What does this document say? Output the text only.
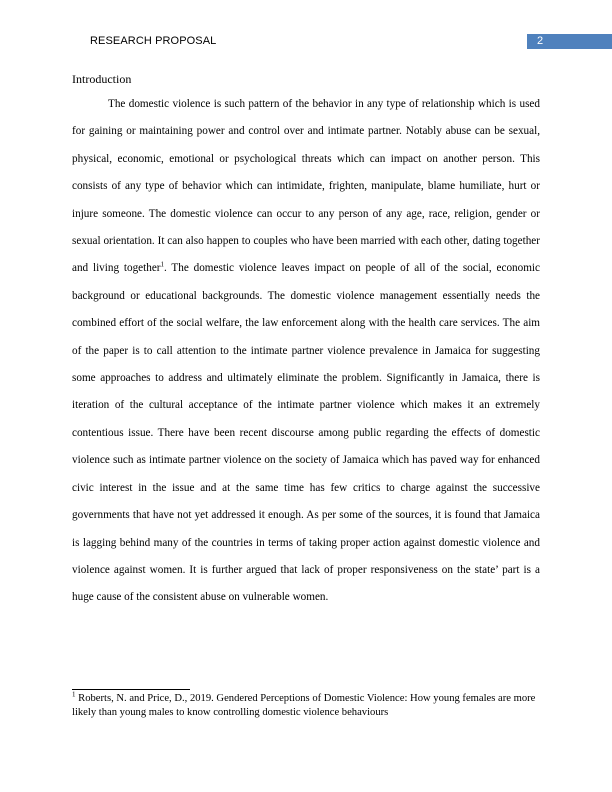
RESEARCH PROPOSAL	2
Introduction

The domestic violence is such pattern of the behavior in any type of relationship which is used for gaining or maintaining power and control over and intimate partner. Notably abuse can be sexual, physical, economic, emotional or psychological threats which can impact on another person. This consists of any type of behavior which can intimidate, frighten, manipulate, blame humiliate, hurt or injure someone. The domestic violence can occur to any person of any age, race, religion, gender or sexual orientation. It can also happen to couples who have been married with each other, dating together and living together$^1$. The domestic violence leaves impact on people of all of the social, economic background or educational backgrounds. The domestic violence management essentially needs the combined effort of the social welfare, the law enforcement along with the health care services. The aim of the paper is to call attention to the intimate partner violence prevalence in Jamaica for suggesting some approaches to address and ultimately eliminate the problem. Significantly in Jamaica, there is iteration of the cultural acceptance of the intimate partner violence which makes it an extremely contentious issue. There have been recent discourse among public regarding the effects of domestic violence such as intimate partner violence on the society of Jamaica which has paved way for enhanced civic interest in the issue and at the same time has few critics to charge against the successive governments that have not yet addressed it enough. As per some of the sources, it is found that Jamaica is lagging behind many of the countries in terms of taking proper action against domestic violence and violence against women. It is further argued that lack of proper responsiveness on the state’ part is a huge cause of the consistent abuse on vulnerable women.

$^1$ Roberts, N. and Price, D., 2019. Gendered Perceptions of Domestic Violence: How young females are more likely than young males to know controlling domestic violence behaviours
